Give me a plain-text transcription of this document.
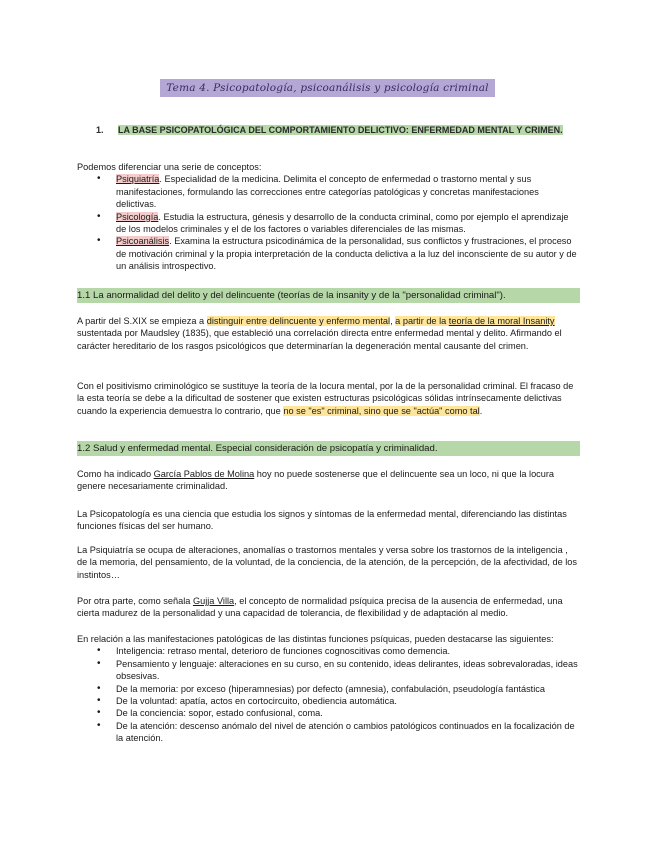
Tema 4. Psicopatología, psicoanálisis y psicología criminal
1. LA BASE PSICOPATOLÓGICA DEL COMPORTAMIENTO DELICTIVO: ENFERMEDAD MENTAL Y CRIMEN.

Podemos diferenciar una serie de conceptos:

• Psiquiatría. Especialidad de la medicina. Delimita el concepto de enfermedad o trastorno mental y sus manifestaciones, formulando las correcciones entre categorías patológicas y concretas manifestaciones delictivas.
• Psicología. Estudia la estructura, génesis y desarrollo de la conducta criminal, como por ejemplo el aprendizaje de los modelos criminales y el de los factores o variables diferenciales de las mismas.
• Psicoanálisis. Examina la estructura psicodinámica de la personalidad, sus conflictos y frustraciones, el proceso de motivación criminal y la propia interpretación de la conducta delictiva a la luz del inconsciente de su autor y de un análisis introspectivo.
1.1 La anormalidad del delito y del delincuente (teorías de la insanity y de la "personalidad criminal").
A partir del S.XIX se empieza a distinguir entre delincuente y enfermo mental, a partir de la teoría de la moral Insanity sustentada por Maudsley (1835), que estableció una correlación directa entre enfermedad mental y delito. Afirmando el carácter hereditario de los rasgos psicológicos que determinarían la degeneración mental causante del crimen.
Con el positivismo criminológico se sustituye la teoría de la locura mental, por la de la personalidad criminal. El fracaso de la esta teoría se debe a la dificultad de sostener que existen estructuras psicológicas sólidas intrínsecamente delictivas cuando la experiencia demuestra lo contrario, que no se "es" criminal, sino que se "actúa" como tal.
1.2 Salud y enfermedad mental. Especial consideración de psicopatía y criminalidad.
Como ha indicado García Pablos de Molina hoy no puede sostenerse que el delincuente sea un loco, ni que la locura genere necesariamente criminalidad.
La Psicopatología es una ciencia que estudia los signos y síntomas de la enfermedad mental, diferenciando las distintas funciones físicas del ser humano.
La Psiquiatría se ocupa de alteraciones, anomalías o trastornos mentales y versa sobre los trastornos de la inteligencia , de la memoria, del pensamiento, de la voluntad, de la conciencia, de la atención, de la percepción, de la afectividad, de los instintos…
Por otra parte, como señala Gujja Villa, el concepto de normalidad psíquica precisa de la ausencia de enfermedad, una cierta madurez de la personalidad y una capacidad de tolerancia, de flexibilidad y de adaptación al medio.

En relación a las manifestaciones patológicas de las distintas funciones psíquicas, pueden destacarse las siguientes:

• Inteligencia: retraso mental, deterioro de funciones cognoscitivas como demencia.
• Pensamiento y lenguaje: alteraciones en su curso, en su contenido, ideas delirantes, ideas sobrevaloradas, ideas obsesivas.
• De la memoria: por exceso (hiperamnesias) por defecto (amnesia), confabulación, pseudología fantástica
• De la voluntad: apatía, actos en cortocircuito, obediencia automática.
• De la conciencia: sopor, estado confusional, coma.
• De la atención: descenso anómalo del nivel de atención o cambios patológicos continuados en la focalización de la atención.
